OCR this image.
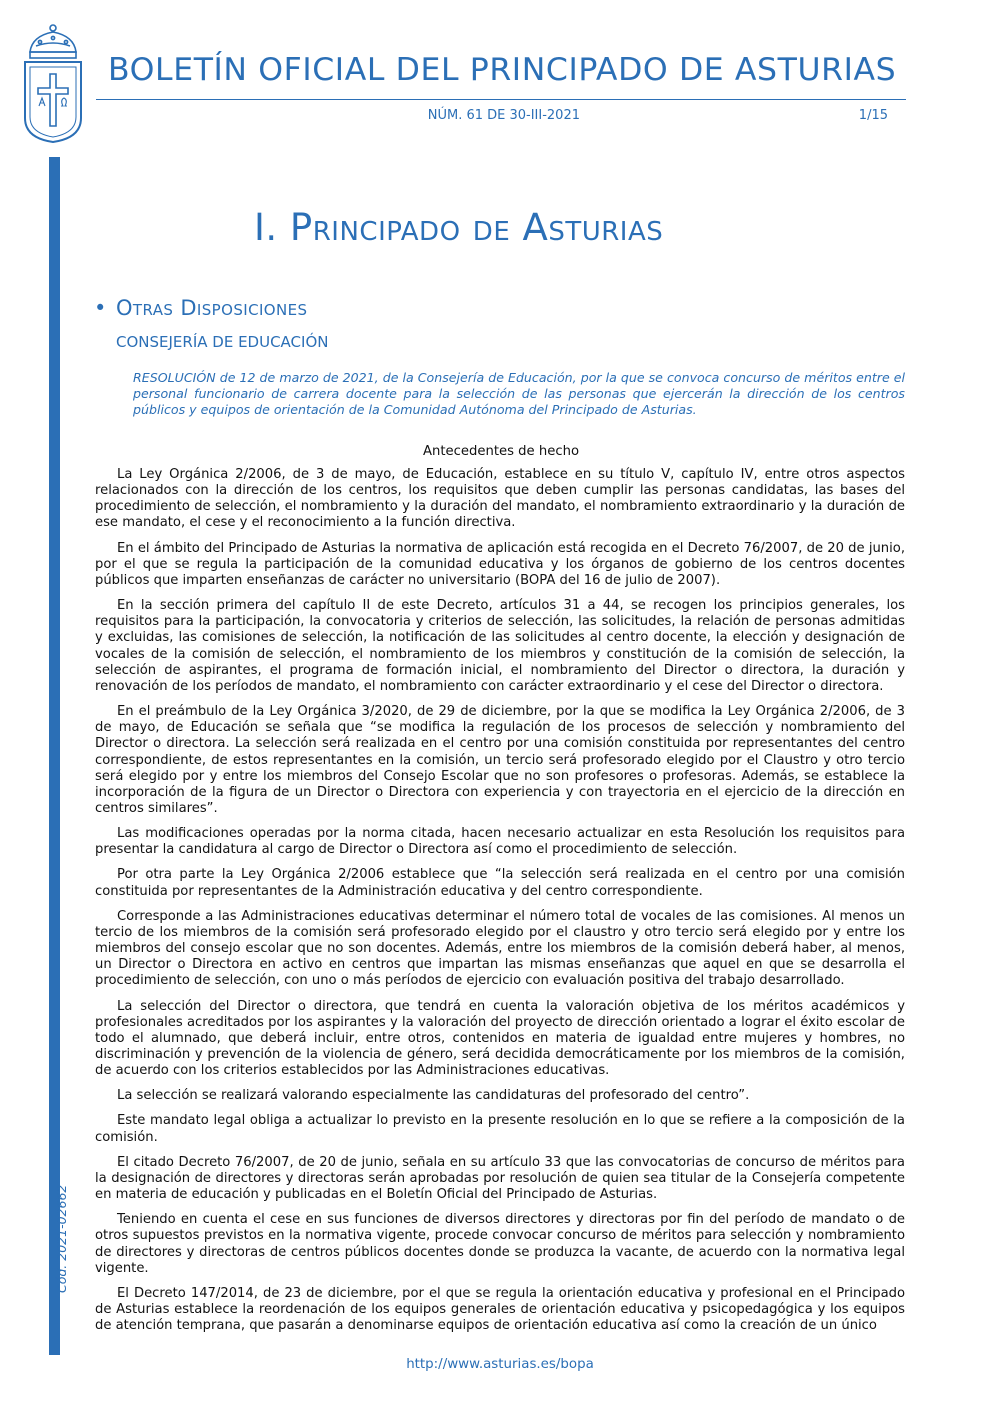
BOLETÍN OFICIAL DEL PRINCIPADO DE ASTURIAS
NÚM. 61 DE 30-III-2021	1/15
Cód. 2021-02662
I. Principado de Asturias
• Otras Disposiciones
CONSEJERÍA DE EDUCACIÓN

RESOLUCIÓN de 12 de marzo de 2021, de la Consejería de Educación, por la que se convoca concurso de méritos entre el personal funcionario de carrera docente para la selección de las personas que ejercerán la dirección de los centros públicos y equipos de orientación de la Comunidad Autónoma del Principado de Asturias.

Antecedentes de hecho

La Ley Orgánica 2/2006, de 3 de mayo, de Educación, establece en su título V, capítulo IV, entre otros aspectos relacionados con la dirección de los centros, los requisitos que deben cumplir las personas candidatas, las bases del procedimiento de selección, el nombramiento y la duración del mandato, el nombramiento extraordinario y la duración de ese mandato, el cese y el reconocimiento a la función directiva.

En el ámbito del Principado de Asturias la normativa de aplicación está recogida en el Decreto 76/2007, de 20 de junio, por el que se regula la participación de la comunidad educativa y los órganos de gobierno de los centros docentes públicos que imparten enseñanzas de carácter no universitario (BOPA del 16 de julio de 2007).

En la sección primera del capítulo II de este Decreto, artículos 31 a 44, se recogen los principios generales, los requisitos para la participación, la convocatoria y criterios de selección, las solicitudes, la relación de personas admitidas y excluidas, las comisiones de selección, la notificación de las solicitudes al centro docente, la elección y designación de vocales de la comisión de selección, el nombramiento de los miembros y constitución de la comisión de selección, la selección de aspirantes, el programa de formación inicial, el nombramiento del Director o directora, la duración y renovación de los períodos de mandato, el nombramiento con carácter extraordinario y el cese del Director o directora.

En el preámbulo de la Ley Orgánica 3/2020, de 29 de diciembre, por la que se modifica la Ley Orgánica 2/2006, de 3 de mayo, de Educación se señala que “se modifica la regulación de los procesos de selección y nombramiento del Director o directora. La selección será realizada en el centro por una comisión constituida por representantes del centro correspondiente, de estos representantes en la comisión, un tercio será profesorado elegido por el Claustro y otro tercio será elegido por y entre los miembros del Consejo Escolar que no son profesores o profesoras. Además, se establece la incorporación de la figura de un Director o Directora con experiencia y con trayectoria en el ejercicio de la dirección en centros similares”.

Las modificaciones operadas por la norma citada, hacen necesario actualizar en esta Resolución los requisitos para presentar la candidatura al cargo de Director o Directora así como el procedimiento de selección.

Por otra parte la Ley Orgánica 2/2006 establece que “la selección será realizada en el centro por una comisión constituida por representantes de la Administración educativa y del centro correspondiente.

Corresponde a las Administraciones educativas determinar el número total de vocales de las comisiones. Al menos un tercio de los miembros de la comisión será profesorado elegido por el claustro y otro tercio será elegido por y entre los miembros del consejo escolar que no son docentes. Además, entre los miembros de la comisión deberá haber, al menos, un Director o Directora en activo en centros que impartan las mismas enseñanzas que aquel en que se desarrolla el procedimiento de selección, con uno o más períodos de ejercicio con evaluación positiva del trabajo desarrollado.

La selección del Director o directora, que tendrá en cuenta la valoración objetiva de los méritos académicos y profesionales acreditados por los aspirantes y la valoración del proyecto de dirección orientado a lograr el éxito escolar de todo el alumnado, que deberá incluir, entre otros, contenidos en materia de igualdad entre mujeres y hombres, no discriminación y prevención de la violencia de género, será decidida democráticamente por los miembros de la comisión, de acuerdo con los criterios establecidos por las Administraciones educativas.

La selección se realizará valorando especialmente las candidaturas del profesorado del centro”.

Este mandato legal obliga a actualizar lo previsto en la presente resolución en lo que se refiere a la composición de la comisión.

El citado Decreto 76/2007, de 20 de junio, señala en su artículo 33 que las convocatorias de concurso de méritos para la designación de directores y directoras serán aprobadas por resolución de quien sea titular de la Consejería competente en materia de educación y publicadas en el Boletín Oficial del Principado de Asturias.

Teniendo en cuenta el cese en sus funciones de diversos directores y directoras por fin del período de mandato o de otros supuestos previstos en la normativa vigente, procede convocar concurso de méritos para selección y nombramiento de directores y directoras de centros públicos docentes donde se produzca la vacante, de acuerdo con la normativa legal vigente.

El Decreto 147/2014, de 23 de diciembre, por el que se regula la orientación educativa y profesional en el Principado de Asturias establece la reordenación de los equipos generales de orientación educativa y psicopedagógica y los equipos de atención temprana, que pasarán a denominarse equipos de orientación educativa así como la creación de un único

http://www.asturias.es/bopa
